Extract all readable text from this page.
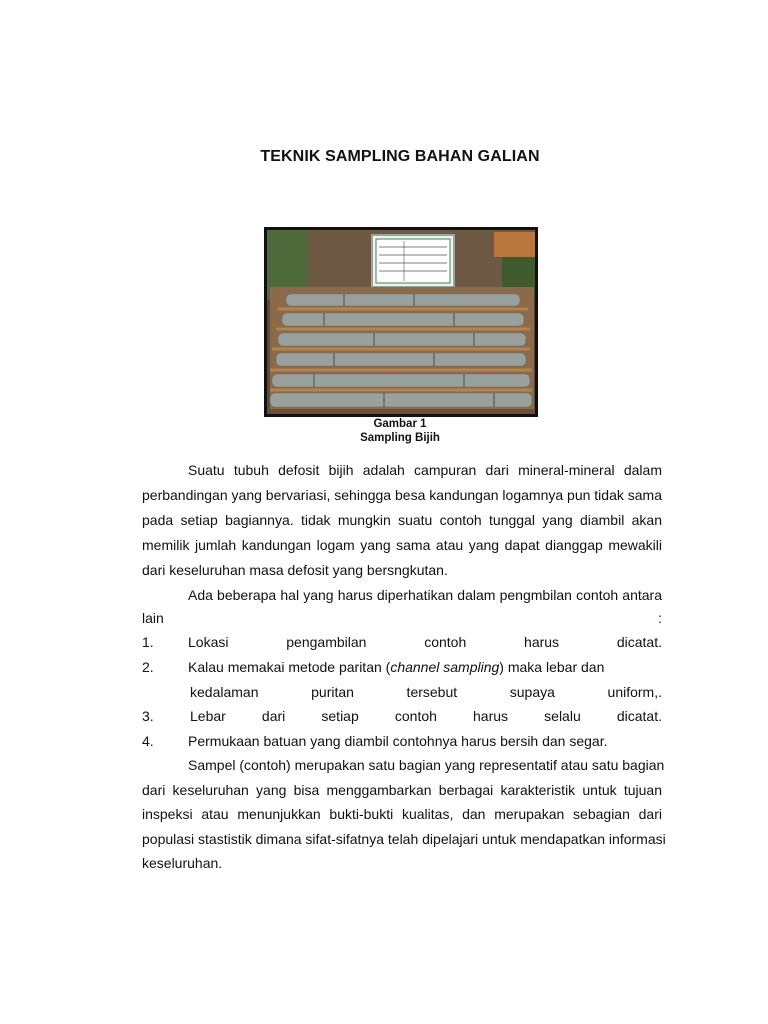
TEKNIK SAMPLING BAHAN GALIAN
Gambar 1
Sampling Bijih
Suatu tubuh defosit bijih adalah campuran dari mineral-mineral dalam
perbandingan yang bervariasi, sehingga besa kandungan logamnya pun tidak sama
pada setiap bagiannya. tidak mungkin suatu contoh tunggal yang diambil akan
memilik jumlah kandungan logam yang sama atau yang dapat dianggap mewakili
dari keseluruhan masa defosit yang bersngkutan.
Ada beberapa hal yang harus diperhatikan dalam pengmbilan contoh antara
lain	:
1. Lokasi pengambilan contoh harus dicatat.
2. Kalau memakai metode paritan (channel sampling) maka lebar dan
kedalaman puritan tersebut supaya uniform,.
3.	Lebar dari setiap contoh harus selalu dicatat.
4. Permukaan batuan yang diambil contohnya harus bersih dan segar.
Sampel (contoh) merupakan satu bagian yang representatif atau satu bagian
dari keseluruhan yang bisa menggambarkan berbagai karakteristik untuk tujuan
inspeksi atau menunjukkan bukti-bukti kualitas, dan merupakan sebagian dari
populasi stastistik dimana sifat-sifatnya telah dipelajari untuk mendapatkan informasi
keseluruhan.
